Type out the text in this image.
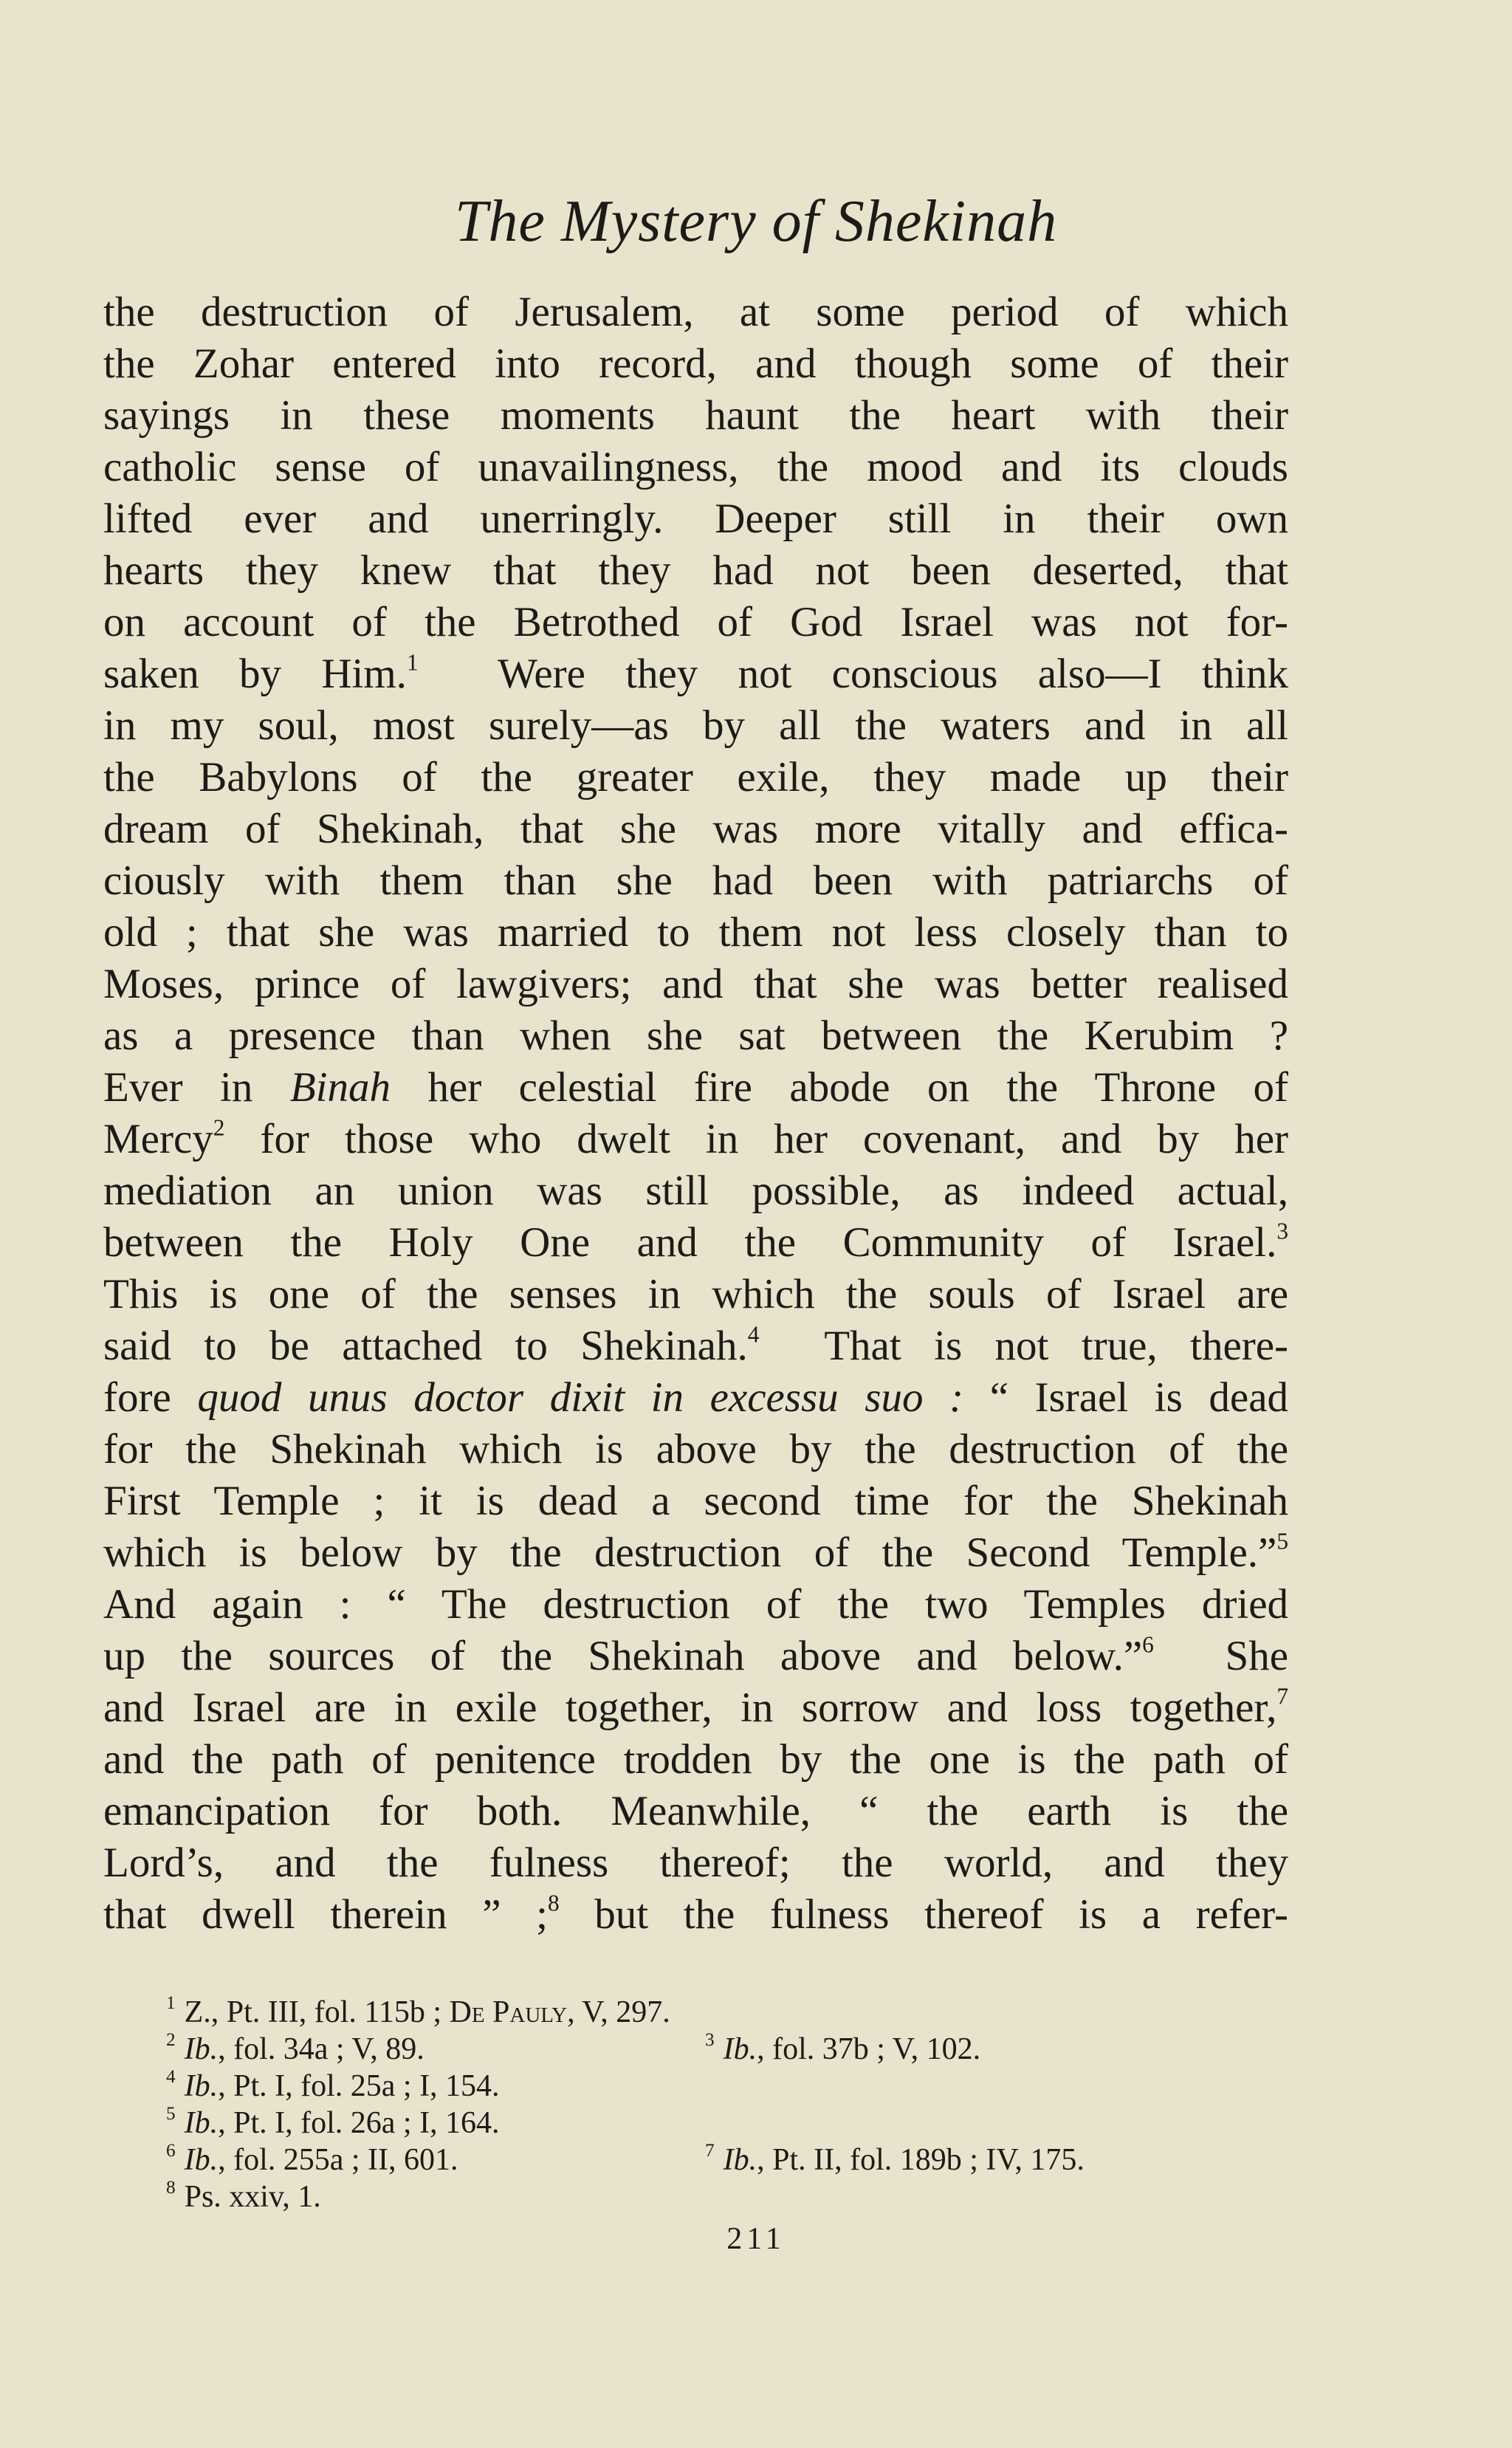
The Mystery of Shekinah
the destruction of Jerusalem, at some period of which
the Zohar entered into record, and though some of their
sayings in these moments haunt the heart with their
catholic sense of unavailingness, the mood and its clouds
lifted ever and unerringly. Deeper still in their own
hearts they knew that they had not been deserted, that
on account of the Betrothed of God Israel was not for-
saken by Him.$^1$ Were they not conscious also—I think
in my soul, most surely—as by all the waters and in all
the Babylons of the greater exile, they made up their
dream of Shekinah, that she was more vitally and effica-
ciously with them than she had been with patriarchs of
old ; that she was married to them not less closely than to
Moses, prince of lawgivers; and that she was better realised
as a presence than when she sat between the Kerubim ?
Ever in Binah her celestial fire abode on the Throne of
Mercy$^2$ for those who dwelt in her covenant, and by her
mediation an union was still possible, as indeed actual,
between the Holy One and the Community of Israel.$^3$
This is one of the senses in which the souls of Israel are
said to be attached to Shekinah.$^4$ That is not true, there-
fore quod unus doctor dixit in excessu suo : “ Israel is dead
for the Shekinah which is above by the destruction of the
First Temple ; it is dead a second time for the Shekinah
which is below by the destruction of the Second Temple.”$^5$
And again : “ The destruction of the two Temples dried
up the sources of the Shekinah above and below.”$^6$ She
and Israel are in exile together, in sorrow and loss together,$^7$
and the path of penitence trodden by the one is the path of
emancipation for both. Meanwhile, “ the earth is the
Lord’s, and the fulness thereof; the world, and they
that dwell therein ” ;$^8$ but the fulness thereof is a refer-
$^1$ Z., Pt. III, fol. 115b ; De Pauly, V, 297.
$^2$ Ib., fol. 34a ; V, 89.	$^3$ Ib., fol. 37b ; V, 102.
$^4$ Ib., Pt. I, fol. 25a ; I, 154.
$^5$ Ib., Pt. I, fol. 26a ; I, 164.
$^6$ Ib., fol. 255a ; II, 601.	$^7$ Ib., Pt. II, fol. 189b ; IV, 175.
$^8$ Ps. xxiv, 1.
211
